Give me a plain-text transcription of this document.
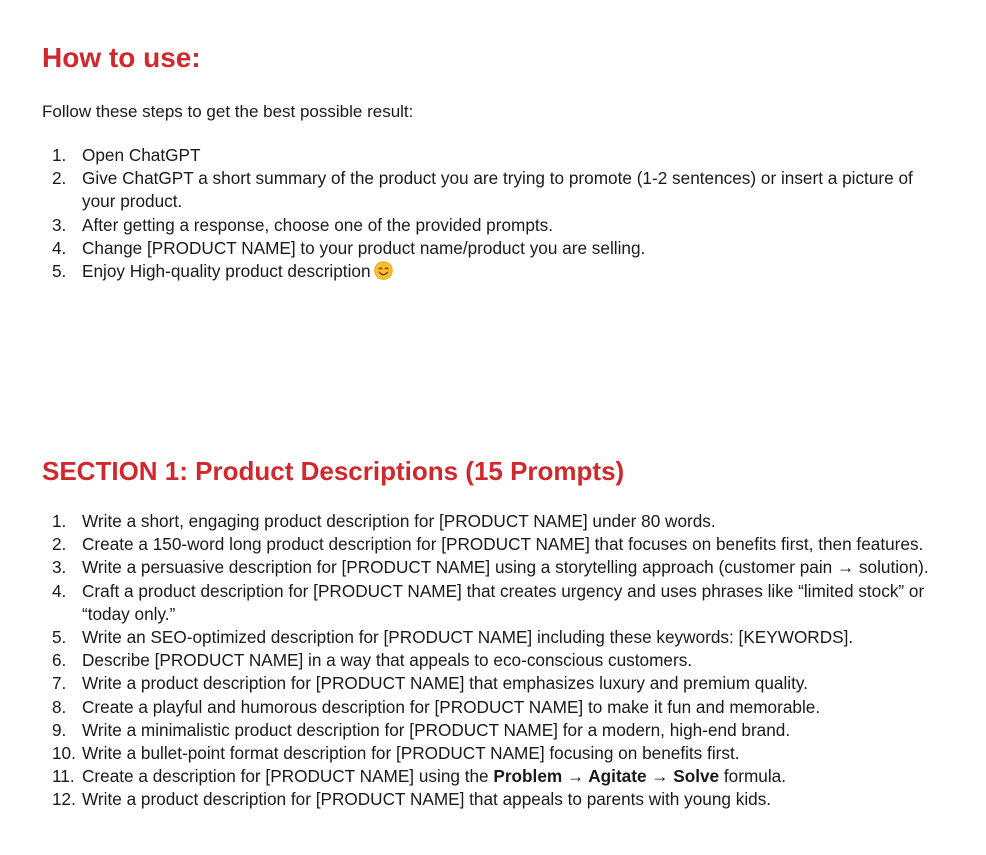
How to use:

Follow these steps to get the best possible result:

1. Open ChatGPT
2. Give ChatGPT a short summary of the product you are trying to promote (1-2 sentences) or insert a picture of your product.
3. After getting a response, choose one of the provided prompts.
4. Change [PRODUCT NAME] to your product name/product you are selling.
5. Enjoy High-quality product description
SECTION 1: Product Descriptions (15 Prompts)
1. Write a short, engaging product description for [PRODUCT NAME] under 80 words.
2. Create a 150-word long product description for [PRODUCT NAME] that focuses on benefits first, then features.
3. Write a persuasive description for [PRODUCT NAME] using a storytelling approach (customer pain → solution).
4. Craft a product description for [PRODUCT NAME] that creates urgency and uses phrases like “limited stock” or “today only.”
5. Write an SEO-optimized description for [PRODUCT NAME] including these keywords: [KEYWORDS].
6. Describe [PRODUCT NAME] in a way that appeals to eco-conscious customers.
7. Write a product description for [PRODUCT NAME] that emphasizes luxury and premium quality.
8. Create a playful and humorous description for [PRODUCT NAME] to make it fun and memorable.
9. Write a minimalistic product description for [PRODUCT NAME] for a modern, high-end brand.
10. Write a bullet-point format description for [PRODUCT NAME] focusing on benefits first.
11. Create a description for [PRODUCT NAME] using the Problem → Agitate → Solve formula.
12. Write a product description for [PRODUCT NAME] that appeals to parents with young kids.
